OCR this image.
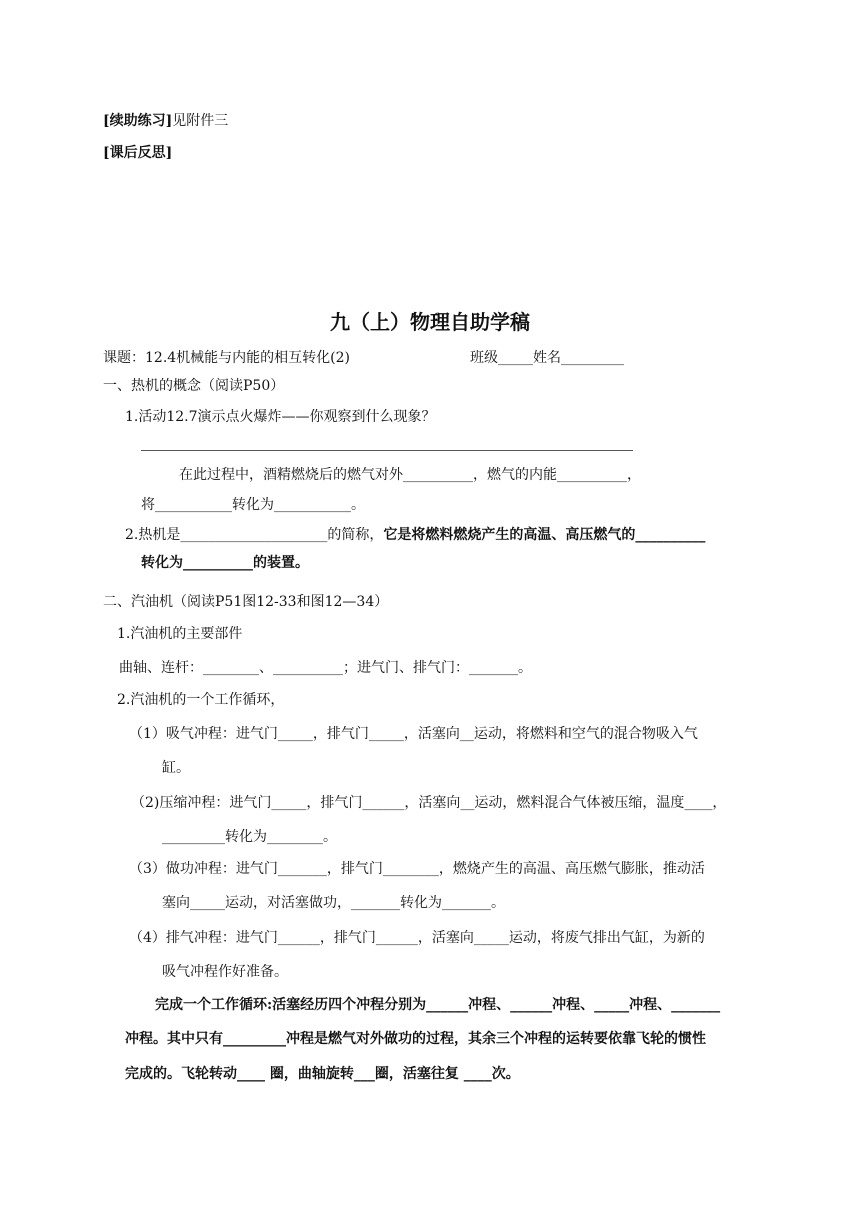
[续助练习]见附件三
[课后反思]
九（上）物理自助学稿
课题：12.4机械能与内能的相互转化(2)	班级_____姓名_________
一、热机的概念（阅读P50）
1.活动12.7演示点火爆炸——你观察到什么现象？
在此过程中，酒精燃烧后的燃气对外__________，燃气的内能__________，
将___________转化为___________。
2.热机是_____________________的简称，它是将燃料燃烧产生的高温、高压燃气的__________
转化为__________的装置。
二、汽油机（阅读P51图12-33和图12—34）
1.汽油机的主要部件
曲轴、连杆：________、__________；进气门、排气门：_______。
2.汽油机的一个工作循环，
（1）吸气冲程：进气门_____，排气门_____，活塞向__运动，将燃料和空气的混合物吸入气
缸。
（2)压缩冲程：进气门_____，排气门______，活塞向__运动，燃料混合气体被压缩，温度____，
_________转化为________。
（3）做功冲程：进气门_______，排气门________，燃烧产生的高温、高压燃气膨胀，推动活
塞向_____运动，对活塞做功，_______转化为_______。
（4）排气冲程：进气门______，排气门______，活塞向_____运动，将废气排出气缸，为新的
吸气冲程作好准备。
完成一个工作循环:活塞经历四个冲程分别为______冲程、______冲程、_____冲程、_______
冲程。其中只有_________冲程是燃气对外做功的过程，其余三个冲程的运转要依靠飞轮的惯性
完成的。飞轮转动____ 圈，曲轴旋转___圈，活塞往复 ____次。
